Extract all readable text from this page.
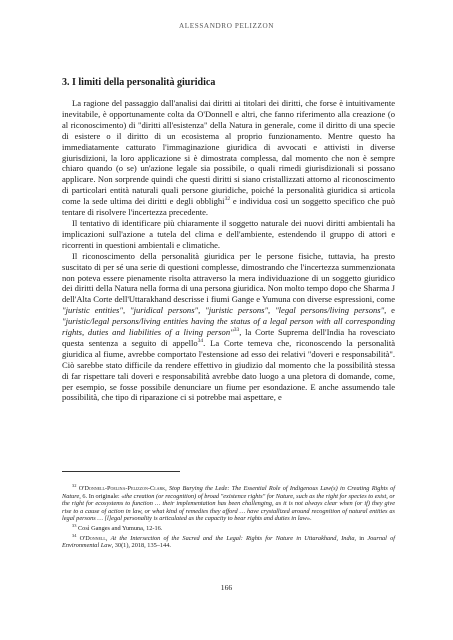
ALESSANDRO PELIZZON
3. I limiti della personalità giuridica

La ragione del passaggio dall'analisi dai diritti ai titolari dei diritti, che forse è intuitivamente inevitabile, è opportunamente colta da O'Donnell e altri, che fanno riferimento alla creazione (o al riconoscimento) di "diritti all'esistenza" della Natura in generale, come il diritto di una specie di esistere o il diritto di un ecosistema al proprio funzionamento. Mentre questo ha immediatamente catturato l'immaginazione giuridica di avvocati e attivisti in diverse giurisdizioni, la loro applicazione si è dimostrata complessa, dal momento che non è sempre chiaro quando (o se) un'azione legale sia possibile, o quali rimedi giurisdizionali si possano applicare. Non sorprende quindi che questi diritti si siano cristallizzati attorno al riconoscimento di particolari entità naturali quali persone giuridiche, poiché la personalità giuridica si articola come la sede ultima dei diritti e degli obblighi$^{32}$ e individua così un soggetto specifico che può tentare di risolvere l'incertezza precedente.

Il tentativo di identificare più chiaramente il soggetto naturale dei nuovi diritti ambientali ha implicazioni sull'azione a tutela del clima e dell'ambiente, estendendo il gruppo di attori e ricorrenti in questioni ambientali e climatiche.

Il riconoscimento della personalità giuridica per le persone fisiche, tuttavia, ha presto suscitato di per sé una serie di questioni complesse, dimostrando che l'incertezza summenzionata non poteva essere pienamente risolta attraverso la mera individuazione di un soggetto giuridico dei diritti della Natura nella forma di una persona giuridica. Non molto tempo dopo che Sharma J dell'Alta Corte dell'Uttarakhand descrisse i fiumi Gange e Yumuna con diverse espressioni, come "juristic entities", "juridical persons", "juristic persons", "legal persons/living persons", e "juristic/legal persons/living entities having the status of a legal person with all corresponding rights, duties and liabilities of a living person"$^{33}$, la Corte Suprema dell'India ha rovesciato questa sentenza a seguito di appello$^{34}$. La Corte temeva che, riconoscendo la personalità giuridica al fiume, avrebbe comportato l'estensione ad esso dei relativi "doveri e responsabilità". Ciò sarebbe stato difficile da rendere effettivo in giudizio dal momento che la possibilità stessa di far rispettare tali doveri e responsabilità avrebbe dato luogo a una pletora di domande, come, per esempio, se fosse possibile denunciare un fiume per esondazione. E anche assumendo tale possibilità, che tipo di riparazione ci si potrebbe mai aspettare, e

$^{32}$ O'Donnell-Poelina-Pelizzon-Clark, Stop Burying the Lede: The Essential Role of Indigenous Law(s) in Creating Rights of Nature, 6. In originale: «the creation (or recognition) of broad "existence rights" for Nature, such as the right for species to exist, or the right for ecosystems to function … their implementation has been challenging, as it is not always clear when (or if) they give rise to a cause of action in law, or what kind of remedies they afford … have crystallized around recognition of natural entities as legal persons … [l]egal personality is articulated as the capacity to bear rights and duties in law».

$^{33}$ Così Ganges and Yumuna, 12-16.

$^{34}$ O'Donnell, At the Intersection of the Sacred and the Legal: Rights for Nature in Uttarakhand, India, in Journal of Environmental Law, 30(1), 2018, 135–144.

166
